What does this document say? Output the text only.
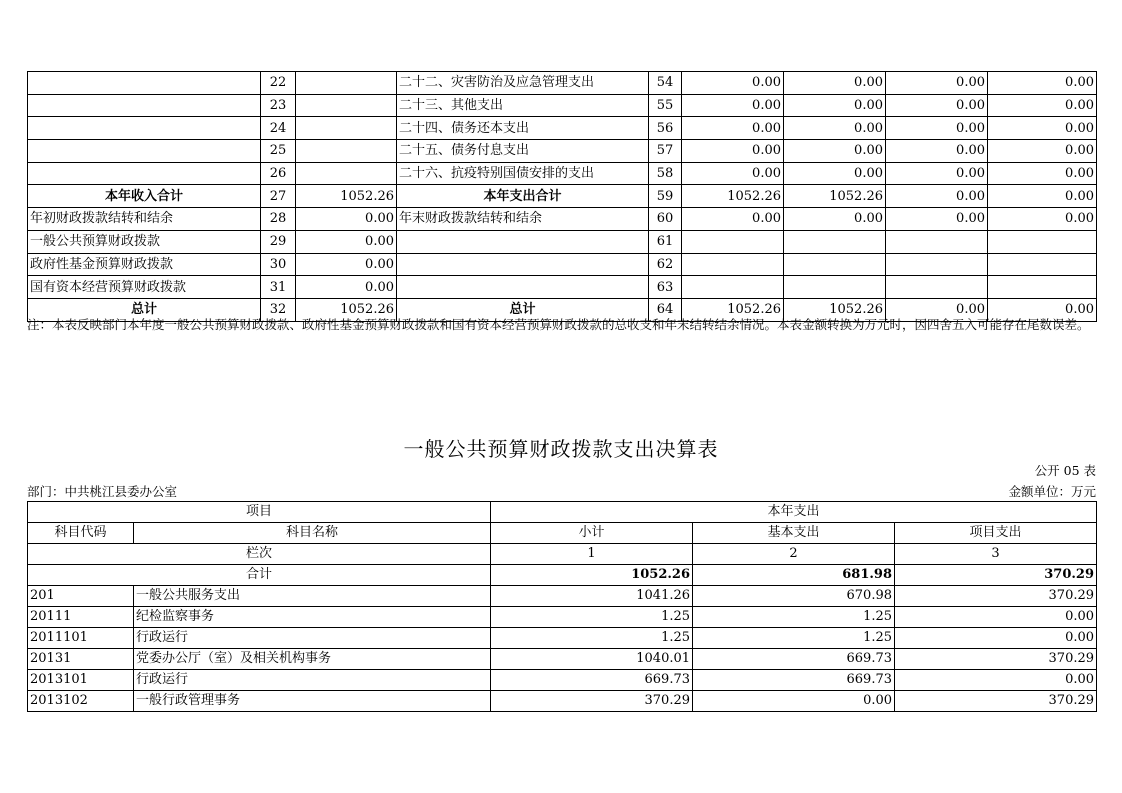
	22		二十二、灾害防治及应急管理支出	54	0.00	0.00	0.00	0.00
	23		二十三、其他支出	55	0.00	0.00	0.00	0.00
	24		二十四、债务还本支出	56	0.00	0.00	0.00	0.00
	25		二十五、债务付息支出	57	0.00	0.00	0.00	0.00
	26		二十六、抗疫特别国债安排的支出	58	0.00	0.00	0.00	0.00
本年收入合计	27	1052.26	本年支出合计	59	1052.26	1052.26	0.00	0.00
年初财政拨款结转和结余	28	0.00	年末财政拨款结转和结余	60	0.00	0.00	0.00	0.00
一般公共预算财政拨款	29	0.00		61				
政府性基金预算财政拨款	30	0.00		62				
国有资本经营预算财政拨款	31	0.00		63				
总计	32	1052.26	总计	64	1052.26	1052.26	0.00	0.00
注：本表反映部门本年度一般公共预算财政拨款、政府性基金预算财政拨款和国有资本经营预算财政拨款的总收支和年末结转结余情况。本表金额转换为万元时，因四舍五入可能存在尾数误差。
一般公共预算财政拨款支出决算表
公开 05 表
部门：中共桃江县委办公室	金额单位：万元
项目		本年支出		
科目代码	科目名称	小计	基本支出	项目支出
栏次		1	2	3
合计		1052.26	681.98	370.29
201	一般公共服务支出	1041.26	670.98	370.29
20111	纪检监察事务	1.25	1.25	0.00
2011101	行政运行	1.25	1.25	0.00
20131	党委办公厅（室）及相关机构事务	1040.01	669.73	370.29
2013101	行政运行	669.73	669.73	0.00
2013102	一般行政管理事务	370.29	0.00	370.29
